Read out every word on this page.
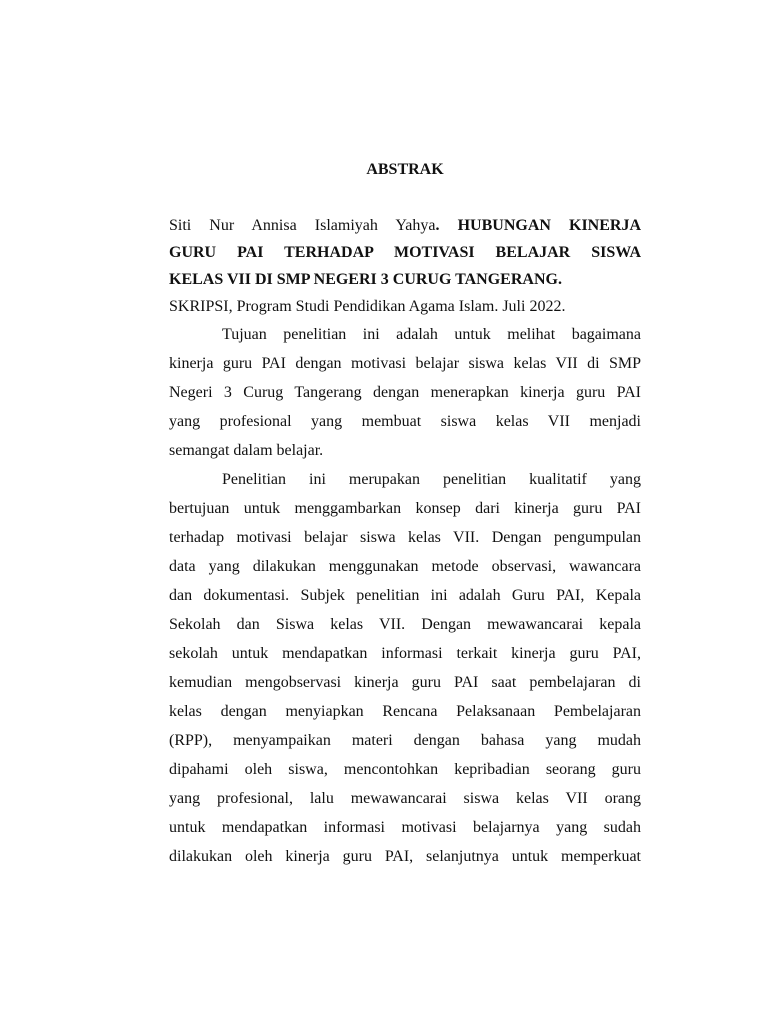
ABSTRAK
Siti Nur Annisa Islamiyah Yahya. HUBUNGAN KINERJA
GURU PAI TERHADAP MOTIVASI BELAJAR SISWA
KELAS VII DI SMP NEGERI 3 CURUG TANGERANG.
SKRIPSI, Program Studi Pendidikan Agama Islam. Juli 2022.
Tujuan penelitian ini adalah untuk melihat bagaimana
kinerja guru PAI dengan motivasi belajar siswa kelas VII di SMP
Negeri 3 Curug Tangerang dengan menerapkan kinerja guru PAI
yang profesional yang membuat siswa kelas VII menjadi
semangat dalam belajar.
Penelitian ini merupakan penelitian kualitatif yang
bertujuan untuk menggambarkan konsep dari kinerja guru PAI
terhadap motivasi belajar siswa kelas VII. Dengan pengumpulan
data yang dilakukan menggunakan metode observasi, wawancara
dan dokumentasi. Subjek penelitian ini adalah Guru PAI, Kepala
Sekolah dan Siswa kelas VII. Dengan mewawancarai kepala
sekolah untuk mendapatkan informasi terkait kinerja guru PAI,
kemudian mengobservasi kinerja guru PAI saat pembelajaran di
kelas dengan menyiapkan Rencana Pelaksanaan Pembelajaran
(RPP), menyampaikan materi dengan bahasa yang mudah
dipahami oleh siswa, mencontohkan kepribadian seorang guru
yang profesional, lalu mewawancarai siswa kelas VII orang
untuk mendapatkan informasi motivasi belajarnya yang sudah
dilakukan oleh kinerja guru PAI, selanjutnya untuk memperkuat
